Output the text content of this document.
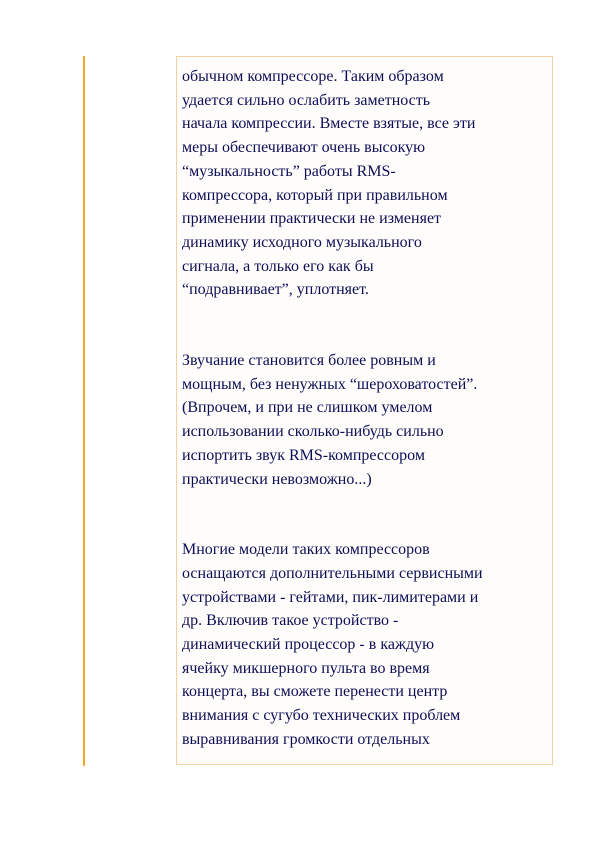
обычном компрессоре. Таким образом
удается сильно ослабить заметность
начала компрессии. Вместе взятые, все эти
меры обеспечивают очень высокую
“музыкальность” работы RMS-
компрессора, который при правильном
применении практически не изменяет
динамику исходного музыкального
сигнала, а только его как бы
“подравнивает”, уплотняет.

Звучание становится более ровным и
мощным, без ненужных “шероховатостей”.
(Впрочем, и при не слишком умелом
использовании сколько-нибудь сильно
испортить звук RMS-компрессором
практически невозможно...)

Многие модели таких компрессоров
оснащаются дополнительными сервисными
устройствами - гейтами, пик-лимитерами и
др. Включив такое устройство -
динамический процессор - в каждую
ячейку микшерного пульта во время
концерта, вы сможете перенести центр
внимания с сугубо технических проблем
выравнивания громкости отдельных
